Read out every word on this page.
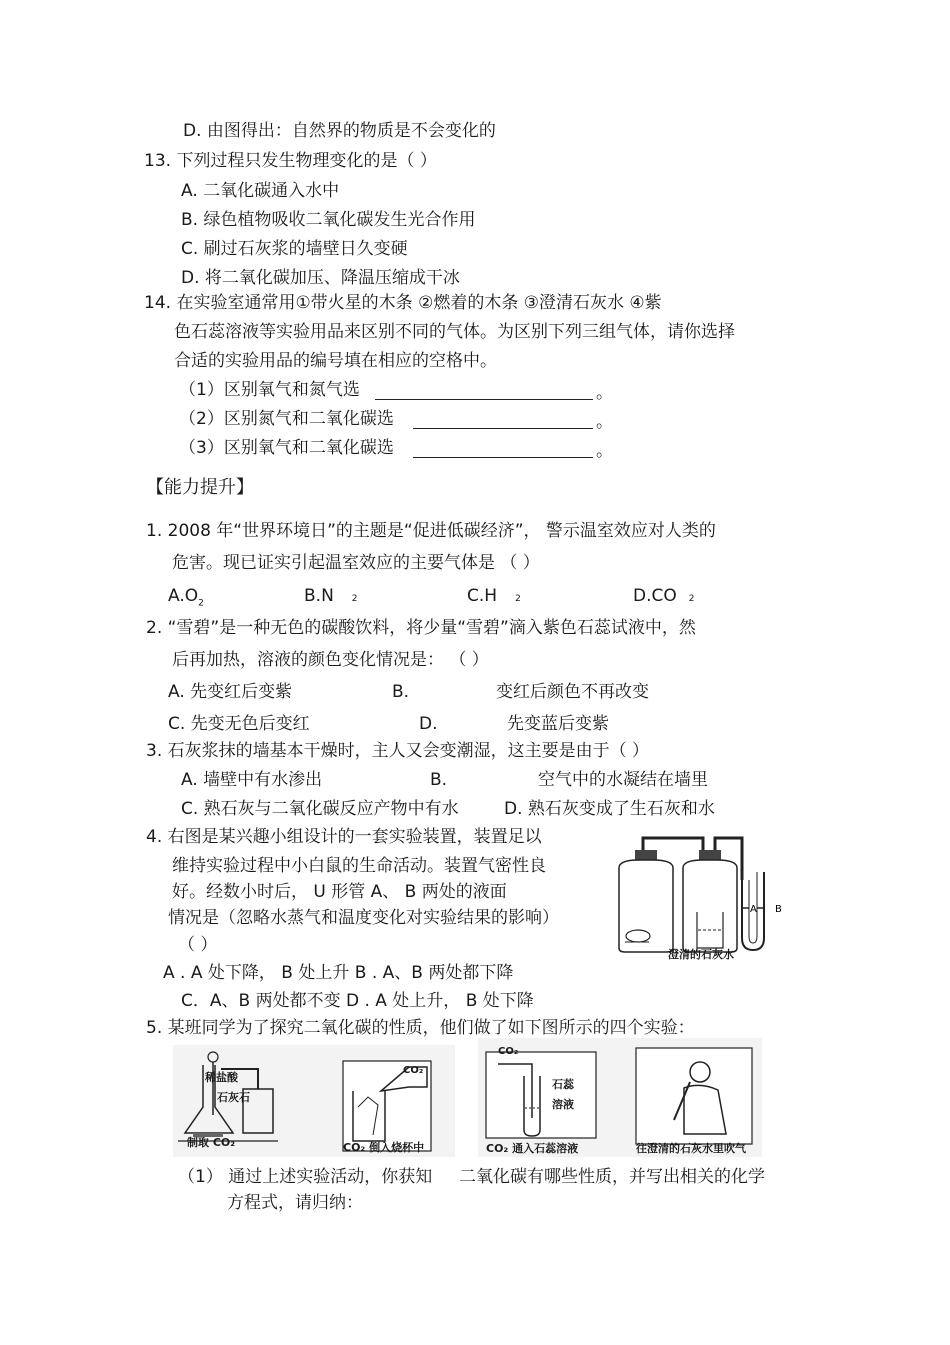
D. 由图得出：自然界的物质是不会变化的
13. 下列过程只发生物理变化的是（ ）
A. 二氧化碳通入水中
B. 绿色植物吸收二氧化碳发生光合作用
C. 刷过石灰浆的墙壁日久变硬
D. 将二氧化碳加压、降温压缩成干冰
14. 在实验室通常用①带火星的木条 ②燃着的木条 ③澄清石灰水 ④紫
色石蕊溶液等实验用品来区别不同的气体。为区别下列三组气体，请你选择
合适的实验用品的编号填在相应的空格中。
（1）区别氧气和氮气选	。
（2）区别氮气和二氧化碳选	。
（3）区别氧气和二氧化碳选	。
【能力提升】
1. 2008 年“世界环境日”的主题是“促进低碳经济”， 警示温室效应对人类的
危害。现已证实引起温室效应的主要气体是 （ ）
$A.O_2$	B.N 2	C.H 2	D.CO 2
2. “雪碧”是一种无色的碳酸饮料，将少量“雪碧”滴入紫色石蕊试液中，然
后再加热，溶液的颜色变化情况是： （ ）
A. 先变红后变紫	B.	变红后颜色不再改变
C. 先变无色后变红	D.	先变蓝后变紫
3. 石灰浆抹的墙基本干燥时，主人又会变潮湿，这主要是由于（ ）
A. 墙壁中有水渗出	B.	空气中的水凝结在墙里
C. 熟石灰与二氧化碳反应产物中有水	D. 熟石灰变成了生石灰和水
4. 右图是某兴趣小组设计的一套实验装置，装置足以
维持实验过程中小白鼠的生命活动。装置气密性良
好。经数小时后， U 形管 A、 B 两处的液面
情况是（忽略水蒸气和温度变化对实验结果的影响）
（ ）
A . A 处下降， B 处上升 B . A、B 两处都下降
C．A、B 两处都不变 D . A 处上升， B 处下降
A B
澄清的石灰水
5. 某班同学为了探究二氧化碳的性质，他们做了如下图所示的四个实验：
稀盐酸
石灰石
制取 CO₂
CO₂
CO₂ 倒入烧杯中
CO₂
石蕊
溶液
CO₂ 通入石蕊溶液	往澄清的石灰水里吹气
（1） 通过上述实验活动，你获知 二氧化碳有哪些性质，并写出相关的化学
方程式，请归纳：
